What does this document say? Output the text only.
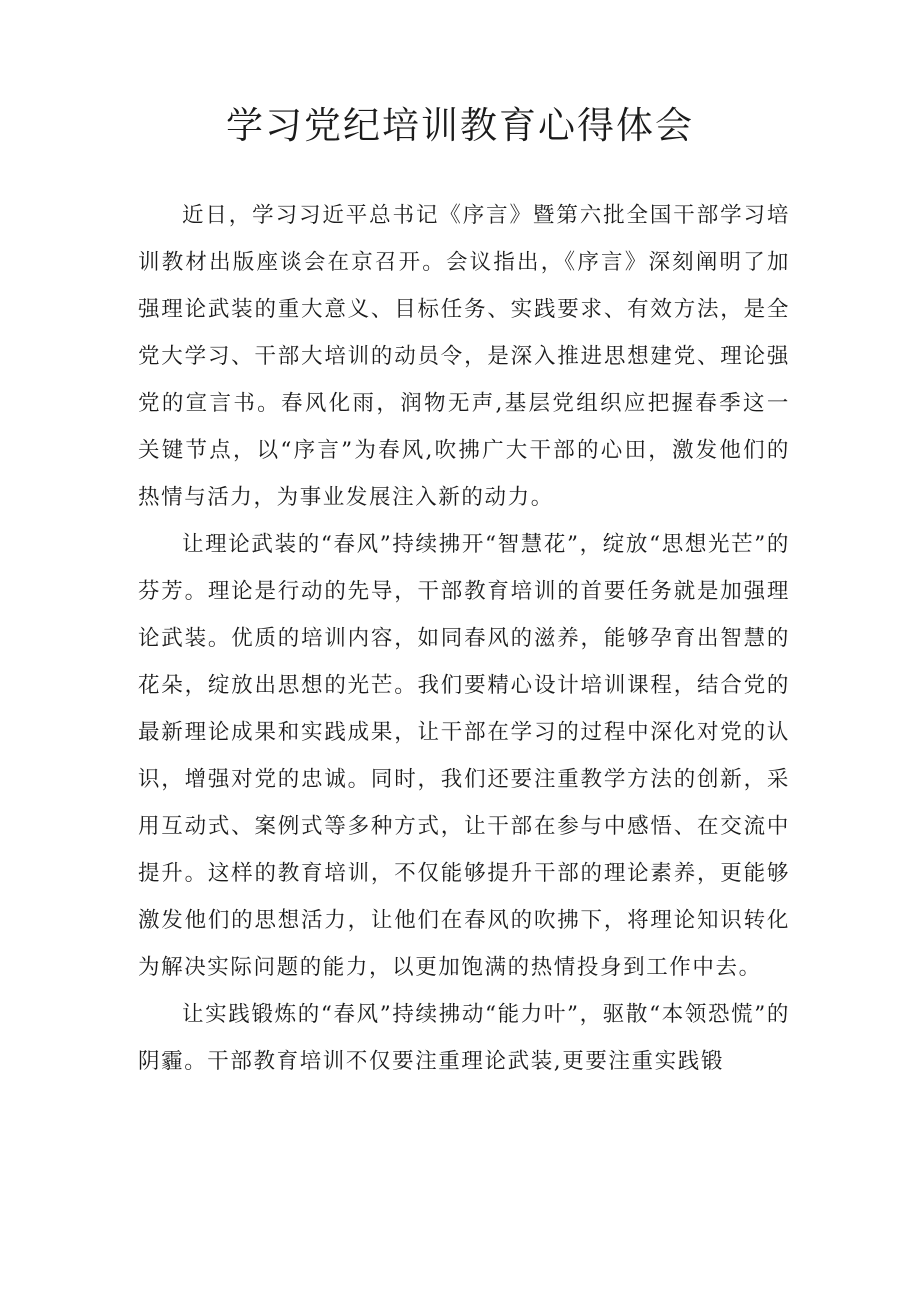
学习党纪培训教育心得体会

近日，学习习近平总书记《序言》暨第六批全国干部学习培训教材出版座谈会在京召开。会议指出，《序言》深刻阐明了加强理论武装的重大意义、目标任务、实践要求、有效方法，是全党大学习、干部大培训的动员令，是深入推进思想建党、理论强党的宣言书。春风化雨，润物无声,基层党组织应把握春季这一关键节点，以“序言”为春风,吹拂广大干部的心田，激发他们的热情与活力，为事业发展注入新的动力。

让理论武装的“春风”持续拂开“智慧花”，绽放“思想光芒”的芬芳。理论是行动的先导，干部教育培训的首要任务就是加强理论武装。优质的培训内容，如同春风的滋养，能够孕育出智慧的花朵，绽放出思想的光芒。我们要精心设计培训课程，结合党的最新理论成果和实践成果，让干部在学习的过程中深化对党的认识，增强对党的忠诚。同时，我们还要注重教学方法的创新，采用互动式、案例式等多种方式，让干部在参与中感悟、在交流中提升。这样的教育培训，不仅能够提升干部的理论素养，更能够激发他们的思想活力，让他们在春风的吹拂下，将理论知识转化为解决实际问题的能力，以更加饱满的热情投身到工作中去。

让实践锻炼的“春风”持续拂动“能力叶”，驱散“本领恐慌”的阴霾。干部教育培训不仅要注重理论武装,更要注重实践锻
